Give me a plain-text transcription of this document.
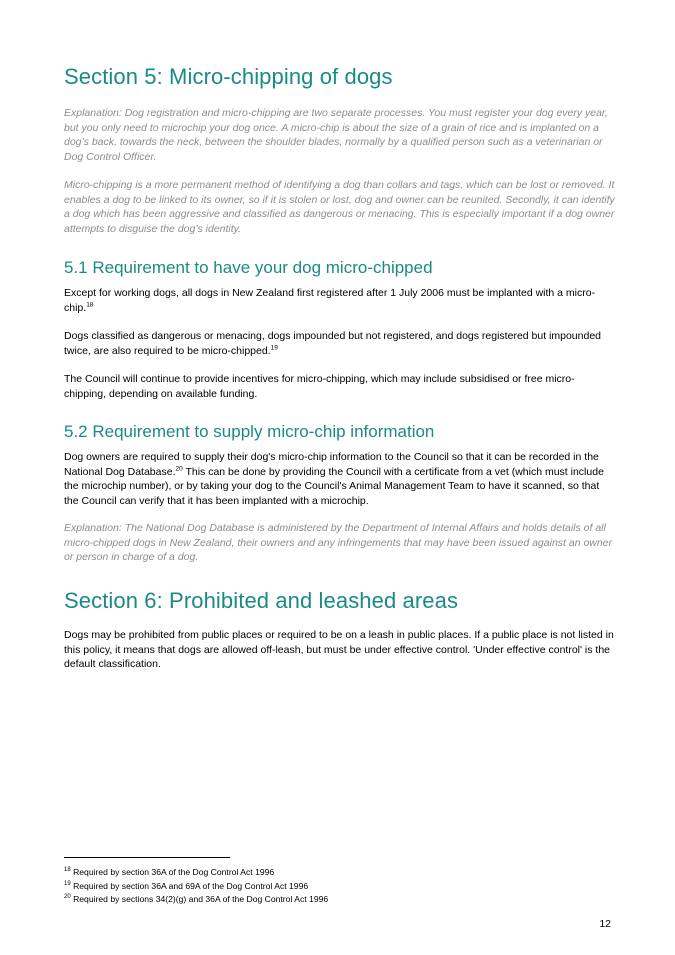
Section 5: Micro-chipping of dogs

Explanation: Dog registration and micro-chipping are two separate processes. You must register your dog every year, but you only need to microchip your dog once. A micro-chip is about the size of a grain of rice and is implanted on a dog’s back, towards the neck, between the shoulder blades, normally by a qualified person such as a veterinarian or Dog Control Officer.

Micro-chipping is a more permanent method of identifying a dog than collars and tags, which can be lost or removed. It enables a dog to be linked to its owner, so if it is stolen or lost, dog and owner can be reunited. Secondly, it can identify a dog which has been aggressive and classified as dangerous or menacing. This is especially important if a dog owner attempts to disguise the dog’s identity.

5.1 Requirement to have your dog micro-chipped

Except for working dogs, all dogs in New Zealand first registered after 1 July 2006 must be implanted with a micro-chip.$^{18}$

Dogs classified as dangerous or menacing, dogs impounded but not registered, and dogs registered but impounded twice, are also required to be micro-chipped.$^{19}$

The Council will continue to provide incentives for micro-chipping, which may include subsidised or free micro-chipping, depending on available funding.

5.2 Requirement to supply micro-chip information

Dog owners are required to supply their dog's micro-chip information to the Council so that it can be recorded in the National Dog Database.$^{20}$ This can be done by providing the Council with a certificate from a vet (which must include the microchip number), or by taking your dog to the Council's Animal Management Team to have it scanned, so that the Council can verify that it has been implanted with a microchip.

Explanation: The National Dog Database is administered by the Department of Internal Affairs and holds details of all micro-chipped dogs in New Zealand, their owners and any infringements that may have been issued against an owner or person in charge of a dog.

Section 6: Prohibited and leashed areas

Dogs may be prohibited from public places or required to be on a leash in public places. If a public place is not listed in this policy, it means that dogs are allowed off-leash, but must be under effective control. 'Under effective control' is the default classification.

$^{18}$ Required by section 36A of the Dog Control Act 1996

$^{19}$ Required by section 36A and 69A of the Dog Control Act 1996

$^{20}$ Required by sections 34(2)(g) and 36A of the Dog Control Act 1996

12
